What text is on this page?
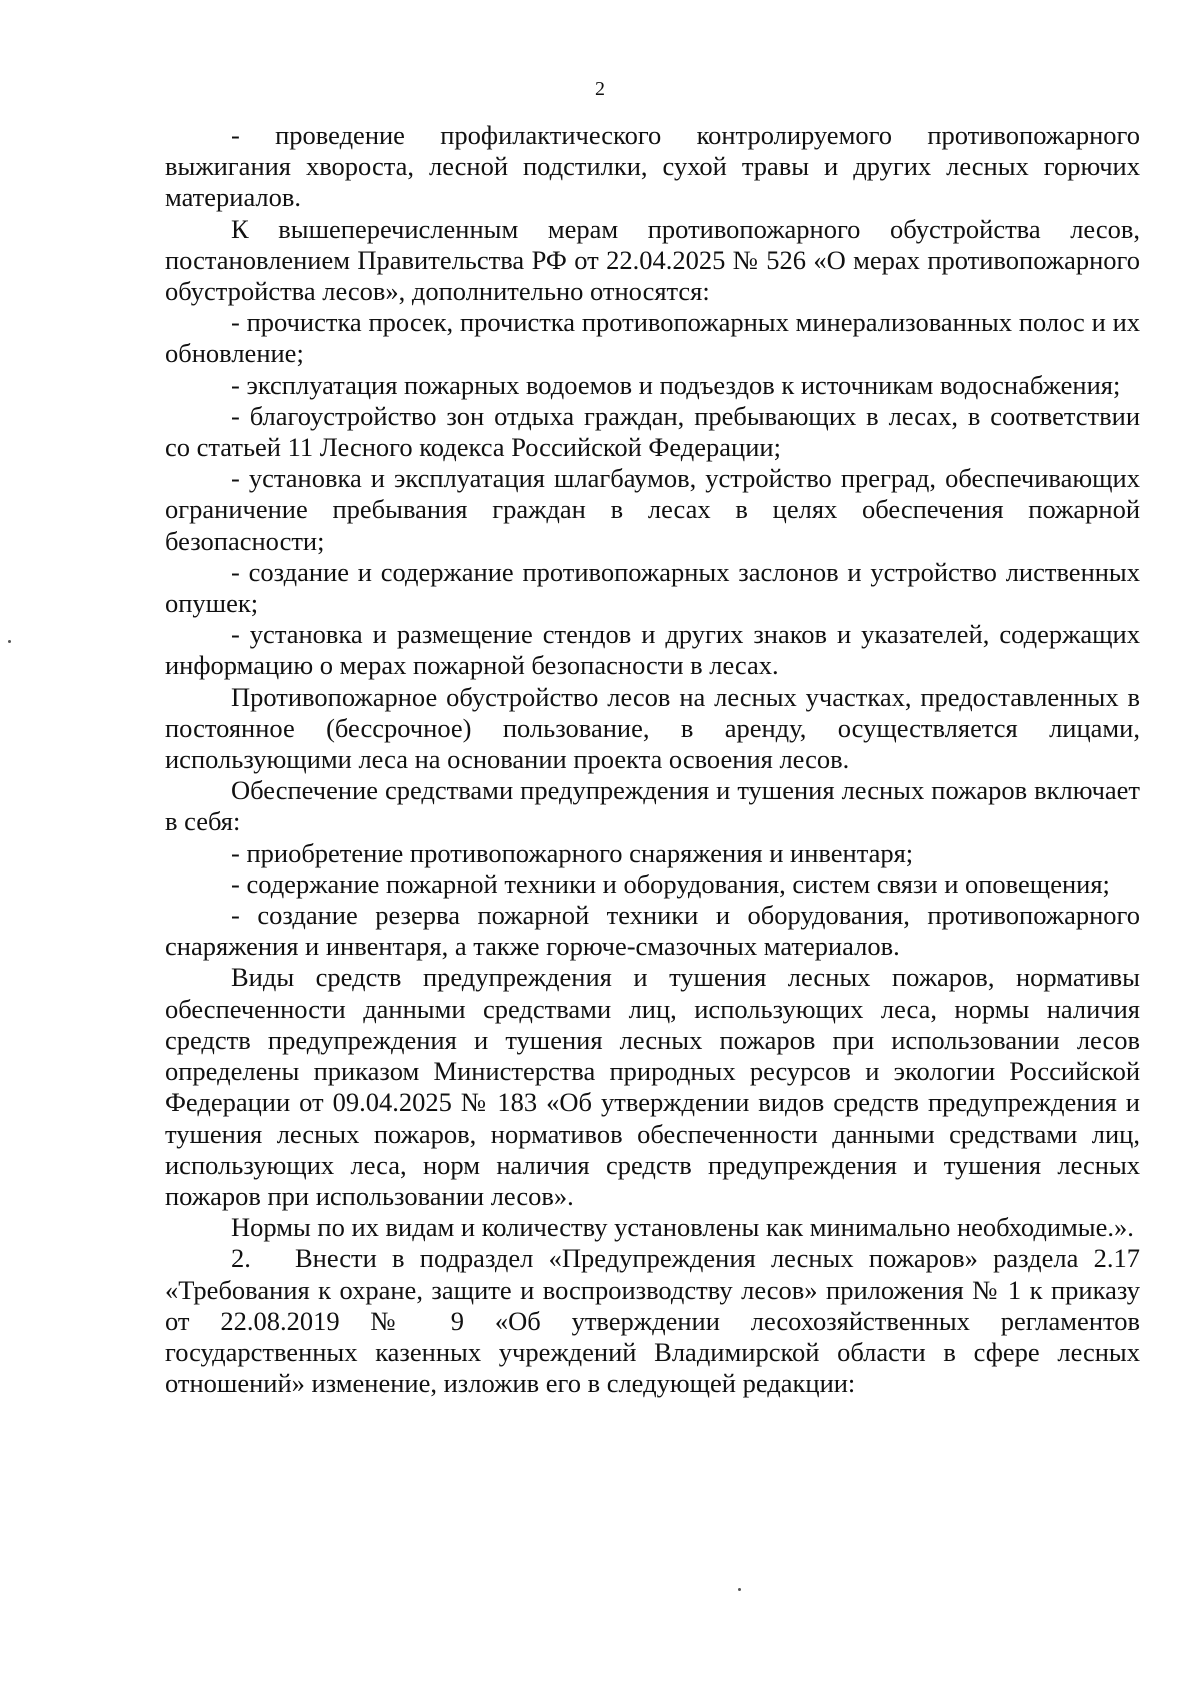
2

- проведение профилактического контролируемого противопожарного выжигания хвороста, лесной подстилки, сухой травы и других лесных горючих материалов.

К вышеперечисленным мерам противопожарного обустройства лесов, постановлением Правительства РФ от 22.04.2025 № 526 «О мерах противопожарного обустройства лесов», дополнительно относятся:

- прочистка просек, прочистка противопожарных минерализованных полос и их обновление;

- эксплуатация пожарных водоемов и подъездов к источникам водоснабжения;

- благоустройство зон отдыха граждан, пребывающих в лесах, в соответствии со статьей 11 Лесного кодекса Российской Федерации;

- установка и эксплуатация шлагбаумов, устройство преград, обеспечивающих ограничение пребывания граждан в лесах в целях обеспечения пожарной безопасности;

- создание и содержание противопожарных заслонов и устройство лиственных опушек;

- установка и размещение стендов и других знаков и указателей, содержащих информацию о мерах пожарной безопасности в лесах.

Противопожарное обустройство лесов на лесных участках, предоставленных в постоянное (бессрочное) пользование, в аренду, осуществляется лицами, использующими леса на основании проекта освоения лесов.

Обеспечение средствами предупреждения и тушения лесных пожаров включает в себя:

- приобретение противопожарного снаряжения и инвентаря;

- содержание пожарной техники и оборудования, систем связи и оповещения;

- создание резерва пожарной техники и оборудования, противопожарного снаряжения и инвентаря, а также горюче-смазочных материалов.

Виды средств предупреждения и тушения лесных пожаров, нормативы обеспеченности данными средствами лиц, использующих леса, нормы наличия средств предупреждения и тушения лесных пожаров при использовании лесов определены приказом Министерства природных ресурсов и экологии Российской Федерации от 09.04.2025 № 183 «Об утверждении видов средств предупреждения и тушения лесных пожаров, нормативов обеспеченности данными средствами лиц, использующих леса, норм наличия средств предупреждения и тушения лесных пожаров при использовании лесов».

Нормы по их видам и количеству установлены как минимально необходимые.».

2. Внести в подраздел «Предупреждения лесных пожаров» раздела 2.17 «Требования к охране, защите и воспроизводству лесов» приложения № 1 к приказу от 22.08.2019 № 9 «Об утверждении лесохозяйственных регламентов государственных казенных учреждений Владимирской области в сфере лесных отношений» изменение, изложив его в следующей редакции:
